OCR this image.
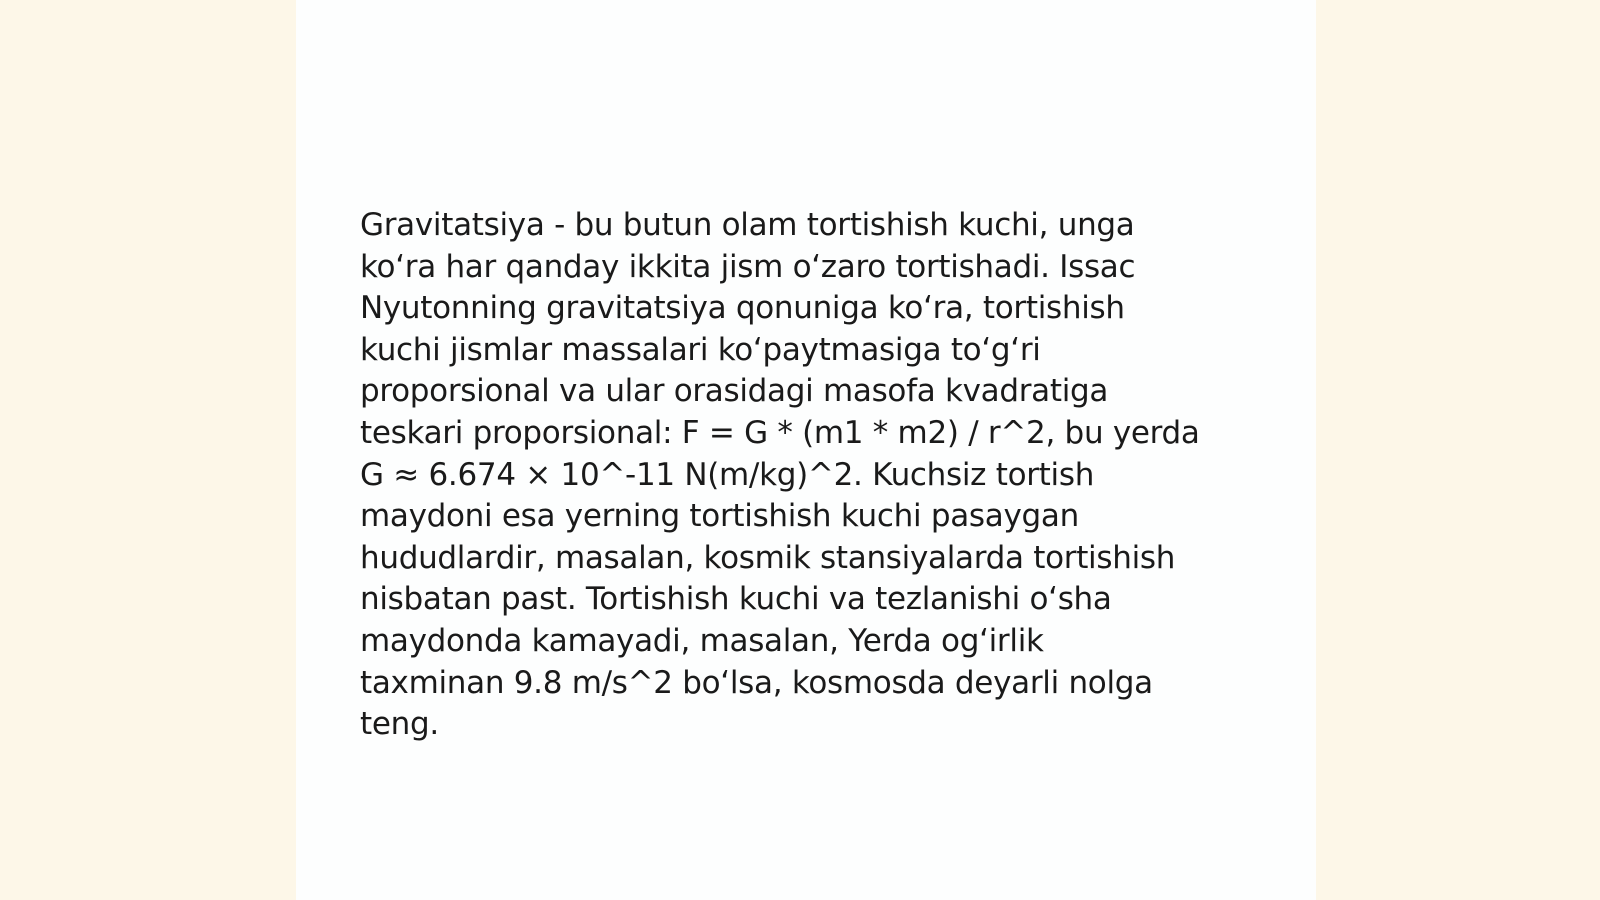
Gravitatsiya - bu butun olam tortishish kuchi, unga
koʻra har qanday ikkita jism oʻzaro tortishadi. Issac
Nyutonning gravitatsiya qonuniga koʻra, tortishish
kuchi jismlar massalari koʻpaytmasiga toʻgʻri
proporsional va ular orasidagi masofa kvadratiga
teskari proporsional: F = G * (m1 * m2) / r^2, bu yerda
G ≈ 6.674 × 10^-11 N(m/kg)^2. Kuchsiz tortish
maydoni esa yerning tortishish kuchi pasaygan
hududlardir, masalan, kosmik stansiyalarda tortishish
nisbatan past. Tortishish kuchi va tezlanishi oʻsha
maydonda kamayadi, masalan, Yerda ogʻirlik
taxminan 9.8 m/s^2 boʻlsa, kosmosda deyarli nolga
teng.
